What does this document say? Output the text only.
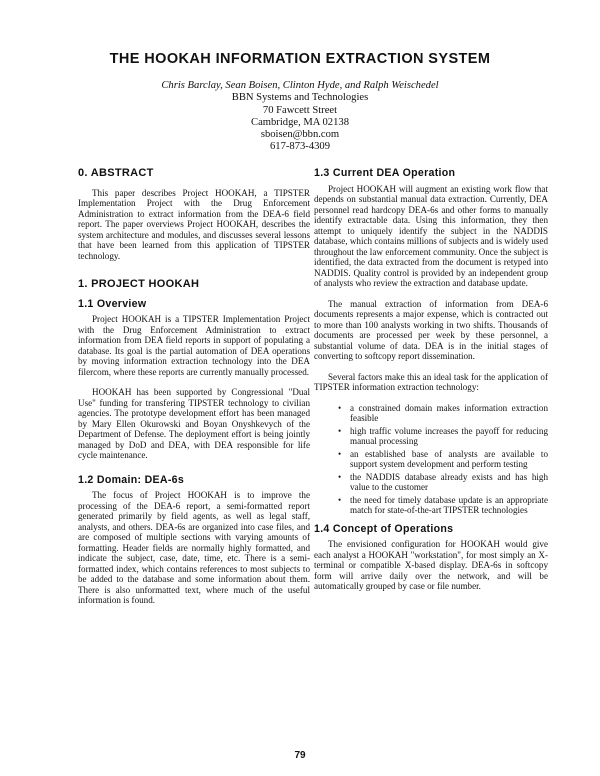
THE HOOKAH INFORMATION EXTRACTION SYSTEM
Chris Barclay, Sean Boisen, Clinton Hyde, and Ralph Weischedel
BBN Systems and Technologies
70 Fawcett Street
Cambridge, MA 02138
sboisen@bbn.com
617-873-4309
0. ABSTRACT

This paper describes Project HOOKAH, a TIPSTER Implementation Project with the Drug Enforcement Administration to extract information from the DEA-6 field report. The paper overviews Project HOOKAH, describes the system architecture and modules, and discusses several lessons that have been learned from this application of TIPSTER technology.

1. PROJECT HOOKAH
1.1 Overview

Project HOOKAH is a TIPSTER Implementation Project with the Drug Enforcement Administration to extract information from DEA field reports in support of populating a database. Its goal is the partial automation of DEA operations by moving information extraction technology into the DEA filercom, where these reports are currently manually processed.

HOOKAH has been supported by Congressional "Dual Use" funding for transfering TIPSTER technology to civilian agencies. The prototype development effort has been managed by Mary Ellen Okurowski and Boyan Onyshkevych of the Department of Defense. The deployment effort is being jointly managed by DoD and DEA, with DEA responsible for life cycle maintenance.

1.2 Domain: DEA-6s

The focus of Project HOOKAH is to improve the processing of the DEA-6 report, a semi-formatted report generated primarily by field agents, as well as legal staff, analysts, and others. DEA-6s are organized into case files, and are composed of multiple sections with varying amounts of formatting. Header fields are normally highly formatted, and indicate the subject, case, date, time, etc. There is a semi-formatted index, which contains references to most subjects to be added to the database and some information about them. There is also unformatted text, where much of the useful information is found.

1.3 Current DEA Operation

Project HOOKAH will augment an existing work flow that depends on substantial manual data extraction. Currently, DEA personnel read hardcopy DEA-6s and other forms to manually identify extractable data. Using this information, they then attempt to uniquely identify the subject in the NADDIS database, which contains millions of subjects and is widely used throughout the law enforcement community. Once the subject is identified, the data extracted from the document is retyped into NADDIS. Quality control is provided by an independent group of analysts who review the extraction and database update.

The manual extraction of information from DEA-6 documents represents a major expense, which is contracted out to more than 100 analysts working in two shifts. Thousands of documents are processed per week by these personnel, a substantial volume of data. DEA is in the initial stages of converting to softcopy report dissemination.

Several factors make this an ideal task for the application of TIPSTER information extraction technology:

• a constrained domain makes information extraction feasible
• high traffic volume increases the payoff for reducing manual processing
• an established base of analysts are available to support system development and perform testing
• the NADDIS database already exists and has high value to the customer
• the need for timely database update is an appropriate match for state-of-the-art TIPSTER technologies
1.4 Concept of Operations

The envisioned configuration for HOOKAH would give each analyst a HOOKAH "workstation", for most simply an X-terminal or compatible X-based display. DEA-6s in softcopy form will arrive daily over the network, and will be automatically grouped by case or file number.

79
